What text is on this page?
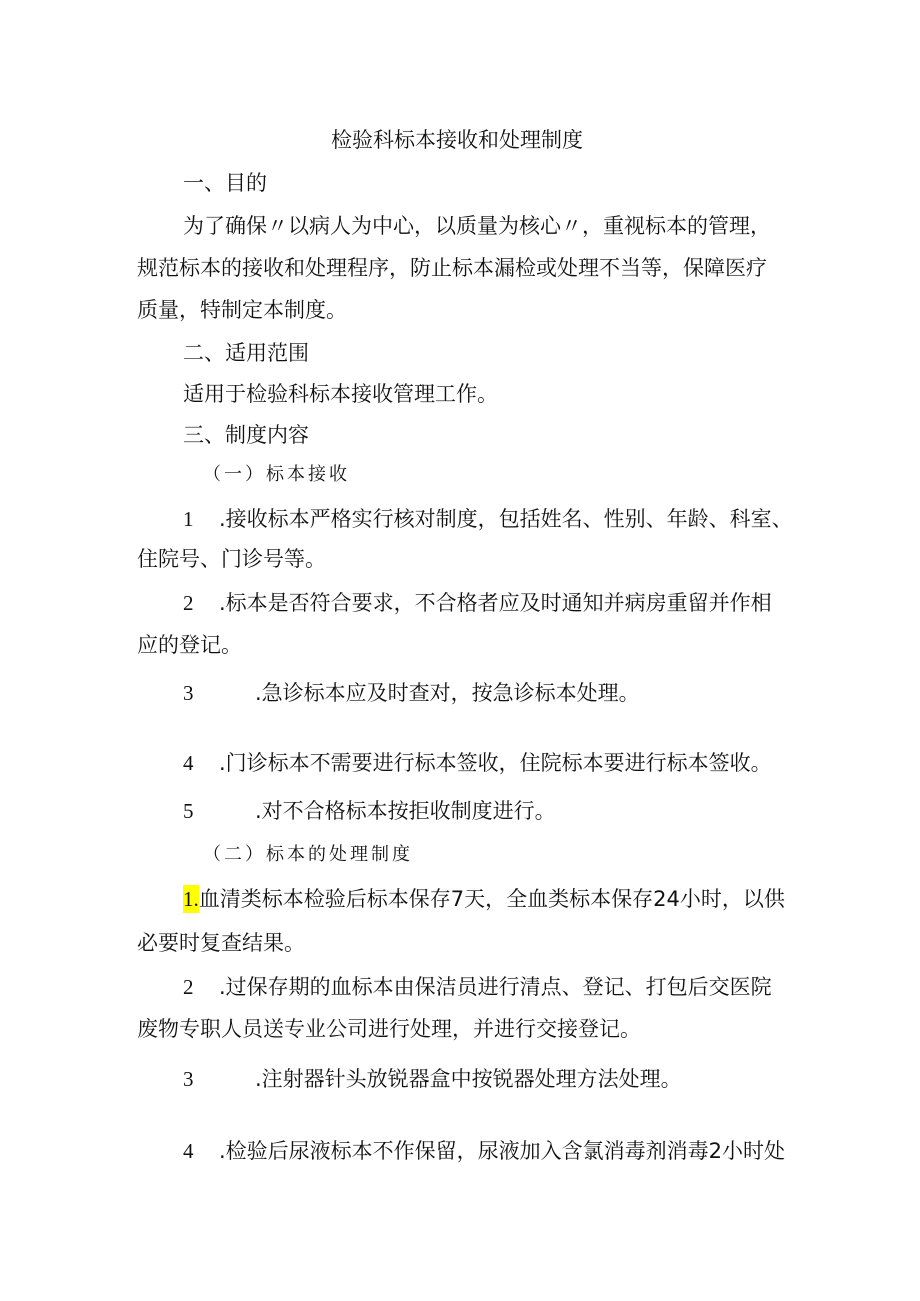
检验科标本接收和处理制度
一、目的
为了确保〃以病人为中心，以质量为核心〃，重视标本的管理，
规范标本的接收和处理程序，防止标本漏检或处理不当等，保障医疗
质量，特制定本制度。
二、适用范围
适用于检验科标本接收管理工作。
三、制度内容
（一）标本接收
1 .接收标本严格实行核对制度，包括姓名、性别、年龄、科室、
住院号、门诊号等。
2 .标本是否符合要求，不合格者应及时通知并病房重留并作相
应的登记。
3	.急诊标本应及时查对，按急诊标本处理。
4 .门诊标本不需要进行标本签收，住院标本要进行标本签收。
5	.对不合格标本按拒收制度进行。
（二）标本的处理制度
1.血清类标本检验后标本保存7天，全血类标本保存24小时，以供
必要时复查结果。
2 .过保存期的血标本由保洁员进行清点、登记、打包后交医院
废物专职人员送专业公司进行处理，并进行交接登记。
3	.注射器针头放锐器盒中按锐器处理方法处理。
4 .检验后尿液标本不作保留，尿液加入含氯消毒剂消毒2小时处
